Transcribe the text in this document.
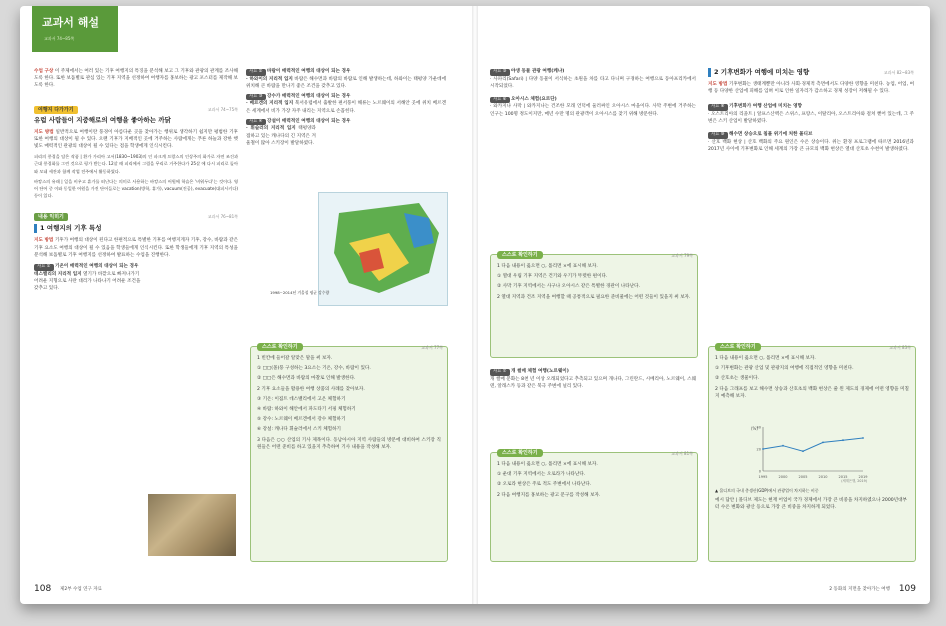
교과서 해설
교과서 74~85쪽

수업 구상 이 주제에서는 여러 있는 기후 여행지의 특징을 분석해 보고 그 기후와 관광의 관계를 조사해도록 한다. 또한 보돔별로 관심 있는 기후 지역을 선정하여 여행자를 홍보하는 광고 포스터를 제작해 보도록 한다.

여행지 다가가기	교과서 74~75쪽
유럽 사람들이 지중해로의 여행을 좋아하는 까닭

지도 방법 일반적으로 여행이란 풍경이 아름다운 곳을 찾아가는 행위로 생각하기 쉽지만 평범한 기후 또한 여행의 대상이 될 수 있다. 오랜 기후가 지배적인 곳에 거주하는 사람에게는 푸른 하늘과 강한 햇빛도 매력적인 관광의 대상이 될 수 있다는 점을 학생에게 인식시킨다.

피리의 풍경을 담은 작품 | 환가 가리아 고서(1830~1903)의 인 파크계 프랑스의 인상주의 화가로 자연 조건과 근대 풍경화를 그린 것으로 평가 받는다. 12살 때 피리에서 그림을 무리로 거주한다가 25살 에 다시 피리로 돌아와 모네 세잔과 함께 작업 전주에서 활동하였다.

바캉스의 유래 | 일을 비우고 휴가를 떠난다는 의미로 사용하는 바캉스의 어원에 학습은 '비워두다'는 것이다. 영어 단어 중 이와 동일한 어원을 가진 단어들로는 vacation(방학, 휴가), vacuum(진공), evacuate(대피시키다) 등이 있다.

내용 익히기	교과서 76~81쪽
1 여행지의 기후 특성

지도 방법 기후가 여행의 대상이 된다고 한편적으로 특별한 기후를 여행지게자 기후, 강수, 바람과 같은 기후 요소도 여행의 대상이 될 수 있음을 학생들에게 인식시킨다. 또한 학생들에게 기후 지역의 특성을 분석해 보돔별로 기후 여행지를 선정하여 발표하는 수업을 진행한다.

자료 ① 기온이 매력적인 여행의 대상이 되는 경우
데스밸리의 지리적 입지 열기가 바깥으로 빠져나가기 어려운 지형으로 사란 대리가 나타나기 어려운 조건을 갖추고 있다.
자료 ② 바람이 매력적인 여행의 대상이 되는 경우

· 하와이의 지리적 입지 바람은 해수면과 바람의 바람로 인해 발생하는데, 하와이는 태평양 가운데에 위치해 큰 바람을 만나기 좋은 조건을 갖추고 있다.

자료 ③ 강수가 매력적인 여행의 대상이 되는 경우

· 베르겐의 지리적 입지 북서유럽에서 출발한 편서풍이 해류는 노르웨이의 서해안 곳에 위치 베르겐은 세계에서 비가 가장 자주 내리는 지역으로 손꼽힌다.

자료 ④ 강설이 매력적인 여행의 대상이 되는 경우

· 휘슬러의 지리적 입지 태평양과 접하고 있는 캐나다의 긴 지역은 겨울철이 많아 스키장이 발달하였다.

1998~2014년 겨울철 평균 강수량
스스로 확인하기	교과서 77쪽

1 빈칸에 들어갈 알맞은 말을 써 보자.

① □□(몰)풍 구성하는 3요소는 기온, 강수, 바람이 있다.

② □□은 해수면과 바람의 마찰로 인해 발생한다.

2 기후 요소들을 활용한 여행 상품의 사례를 찾아보자.

③ 기온: 이집트 데스밸리에서 고온 체험하기

④ 바람: 하와이 해안에서 파도타기 서핑 체험하기

⑤ 강수: 노르웨이 베르겐에서 강수 체험하기

⑥ 강설: 캐나다 휘슬러에서 스키 체험하기

3 다음은 ○○ 산업의 기사 제목이다. 동남아시아 지역 사람들의 방문에 대비하여 스키장 직원들은 어떤 준비를 하고 있을지 추측하여 기사 내용을 작성해 보자.

108 제2부 수업 연구 자료
자료 ⑤ 야생 동물 관광 여행(케냐)

· 사파리(Safari) | 다양 동물이 서식하는 초원을 차를 타고 다니며 구경하는 여행으로 동아프리카에서 시작되었다.

자료 ⑥ 오아시스 체험(요르단)

· 와카지나 사막 | 와카지나는 건조한 모래 언덕에 둘러싸인 오아시스 마을이다. 사막 주변에 거주하는 인구는 100명 정도이지만, 매년 수만 명의 관광객이 오아시스를 찾기 위해 방문한다.

스스로 확인하기	교과서 79쪽

1 다음 내용이 옳으면 ○, 틀리면 ×에 표시해 보자.

① 열대 우림 기후 지역은 건기와 우기가 뚜렷한 편이다.

② 사막 기후 지역에서는 사구나 오아시스 같은 특별한 경관이 나타난다.

2 열대 지역과 건조 지역을 여행할 때 공통적으로 필요한 준비물에는 어떤 것들이 있을지 써 보자.

자료 ⑦ 개 썰매 체험 여행(노르웨이)

개 썰매 문화는 8천 년 이상 오래되었다고 추측되고 있으며 개나다, 그린란드, 시베리아, 노르웨이, 스웨덴, 알래스카 등과 같은 북극 주변에 널리 있다.

스스로 확인하기	교과서 81쪽

1 다음 내용이 옳으면 ○, 틀리면 ×에 표시해 보자.

① 운대 기후 지역에서는 오로라가 나타난다.

② 오로라 현상은 주로 적도 주변에서 나타난다.

2 다음 여행지를 홍보하는 광고 문구를 작성해 보자.

2 기후변화가 여행에 미치는 영향	교과서 82~83쪽

지도 방법 기후변화는 생태계뿐만 아니라 사회·경제적 측면에서도 다양한 영향을 미친다. 농업, 어업, 여행 등 다양한 산업에 피해를 입혀 이로 인한 일자리가 감소하고 경제 성장이 저해될 수 있다.

자료 ⑧ 기후변화가 여행 산업에 미치는 영향

· 오스트리아의 리졸트 | 알프스산맥은 스위스, 프랑스, 이탈리아, 오스트리아와 걸쳐 뻗어 있는데, 그 주변은 스키 산업이 발달하였다.

자료 ⑨ 해수면 상승으로 침몰 위기에 처한 몰디브

· 산호 백화 현상 | 산호 백화의 주요 원인은 수온 상승이다. 위는 환경 프로그램에 따르면 2016년과 2017년 사이에 기후변화로 인해 세계의 가장 큰 규모의 백화 현상은 열대 산호초 수천이 발생하였다.

스스로 확인하기	교과서 83쪽

1 다음 내용이 옳으면 ○, 틀리면 ×에 표시해 보자.

① 기후변화는 관광 산업 및 관광지의 여행에 직접적인 영향을 미친다.

② 산호초는 생물이다.

2 다음 그래프를 보고 해수면 상승과 산호초의 백화 현상은 줄 왼 제도의 경제에 어떤 영향을 미칠지 예측해 보자.

(%)
0
20
40
1995	2000	2005	2010	2015	2019
(세계은행, 2019)
▲ 몰디브의 국내 총생산(GDP)에서 관광업이 차지하는 비중
예시 답안 | 몰디브 제도는 현재 어업이 국가 경제에서 가장 큰 비중을 차지하였으나 2000년대부터 수온 변화와 광산 등으로 가장 큰 비중을 차지하게 되었다.
2 동화의 지면을 찾아가는 여행 109
